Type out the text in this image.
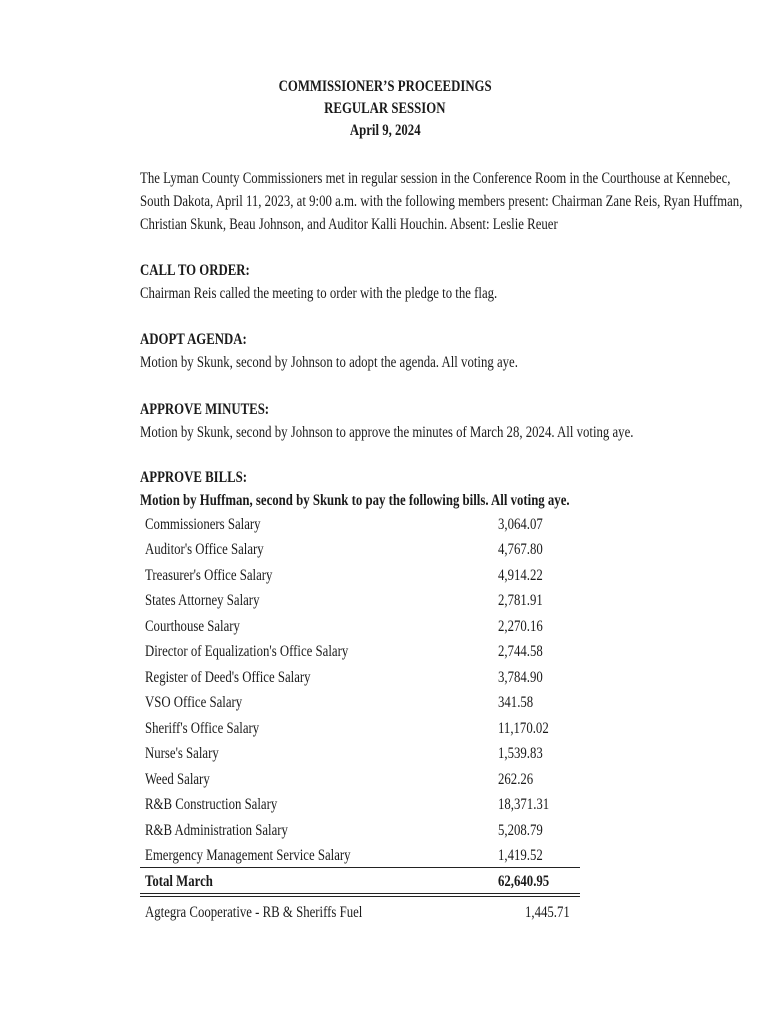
COMMISSIONER’S PROCEEDINGS
REGULAR SESSION
April 9, 2024
The Lyman County Commissioners met in regular session in the Conference Room in the Courthouse at Kennebec, South Dakota, April 11, 2023, at 9:00 a.m. with the following members present: Chairman Zane Reis, Ryan Huffman, Christian Skunk, Beau Johnson, and Auditor Kalli Houchin. Absent: Leslie Reuer
CALL TO ORDER:
Chairman Reis called the meeting to order with the pledge to the flag.
ADOPT AGENDA:
Motion by Skunk, second by Johnson to adopt the agenda. All voting aye.
APPROVE MINUTES:
Motion by Skunk, second by Johnson to approve the minutes of March 28, 2024. All voting aye.
APPROVE BILLS:
Motion by Huffman, second by Skunk to pay the following bills. All voting aye.
Commissioners Salary	3,064.07
Auditor's Office Salary	4,767.80
Treasurer's Office Salary	4,914.22
States Attorney Salary	2,781.91
Courthouse Salary	2,270.16
Director of Equalization's Office Salary	2,744.58
Register of Deed's Office Salary	3,784.90
VSO Office Salary	341.58
Sheriff's Office Salary	11,170.02
Nurse's Salary	1,539.83
Weed Salary	262.26
R&B Construction Salary	18,371.31
R&B Administration Salary	5,208.79
Emergency Management Service Salary	1,419.52
Total March	62,640.95
Agtegra Cooperative - RB & Sheriffs Fuel	1,445.71
